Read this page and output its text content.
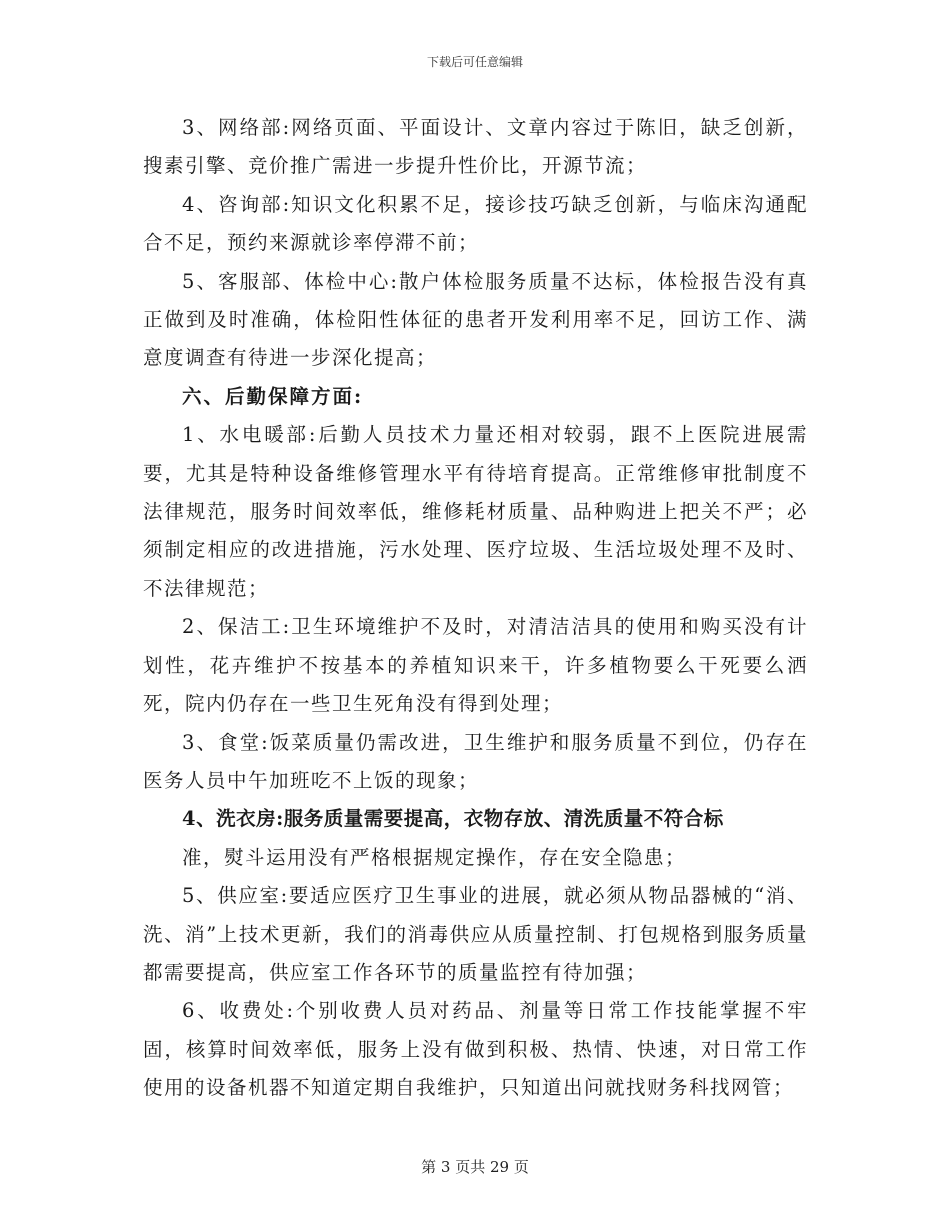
下载后可任意编辑

3、网络部:网络页面、平面设计、文章内容过于陈旧，缺乏创新，搜素引擎、竞价推广需进一步提升性价比，开源节流；

4、咨询部:知识文化积累不足，接诊技巧缺乏创新，与临床沟通配合不足，预约来源就诊率停滞不前；

5、客服部、体检中心:散户体检服务质量不达标，体检报告没有真正做到及时准确，体检阳性体征的患者开发利用率不足，回访工作、满意度调查有待进一步深化提高；

六、后勤保障方面:

1、水电暖部:后勤人员技术力量还相对较弱，跟不上医院进展需要，尤其是特种设备维修管理水平有待培育提高。正常维修审批制度不法律规范，服务时间效率低，维修耗材质量、品种购进上把关不严；必须制定相应的改进措施，污水处理、医疗垃圾、生活垃圾处理不及时、不法律规范；

2、保洁工:卫生环境维护不及时，对清洁洁具的使用和购买没有计划性，花卉维护不按基本的养植知识来干，许多植物要么干死要么洒死，院内仍存在一些卫生死角没有得到处理；

3、食堂:饭菜质量仍需改进，卫生维护和服务质量不到位，仍存在医务人员中午加班吃不上饭的现象；

4、洗衣房:服务质量需要提高，衣物存放、清洗质量不符合标
准，熨斗运用没有严格根据规定操作，存在安全隐患；

5、供应室:要适应医疗卫生事业的进展，就必须从物品器械的“消、洗、消”上技术更新，我们的消毒供应从质量控制、打包规格到服务质量都需要提高，供应室工作各环节的质量监控有待加强；

6、收费处:个别收费人员对药品、剂量等日常工作技能掌握不牢固，核算时间效率低，服务上没有做到积极、热情、快速，对日常工作使用的设备机器不知道定期自我维护，只知道出问就找财务科找网管；

第 3 页共 29 页
